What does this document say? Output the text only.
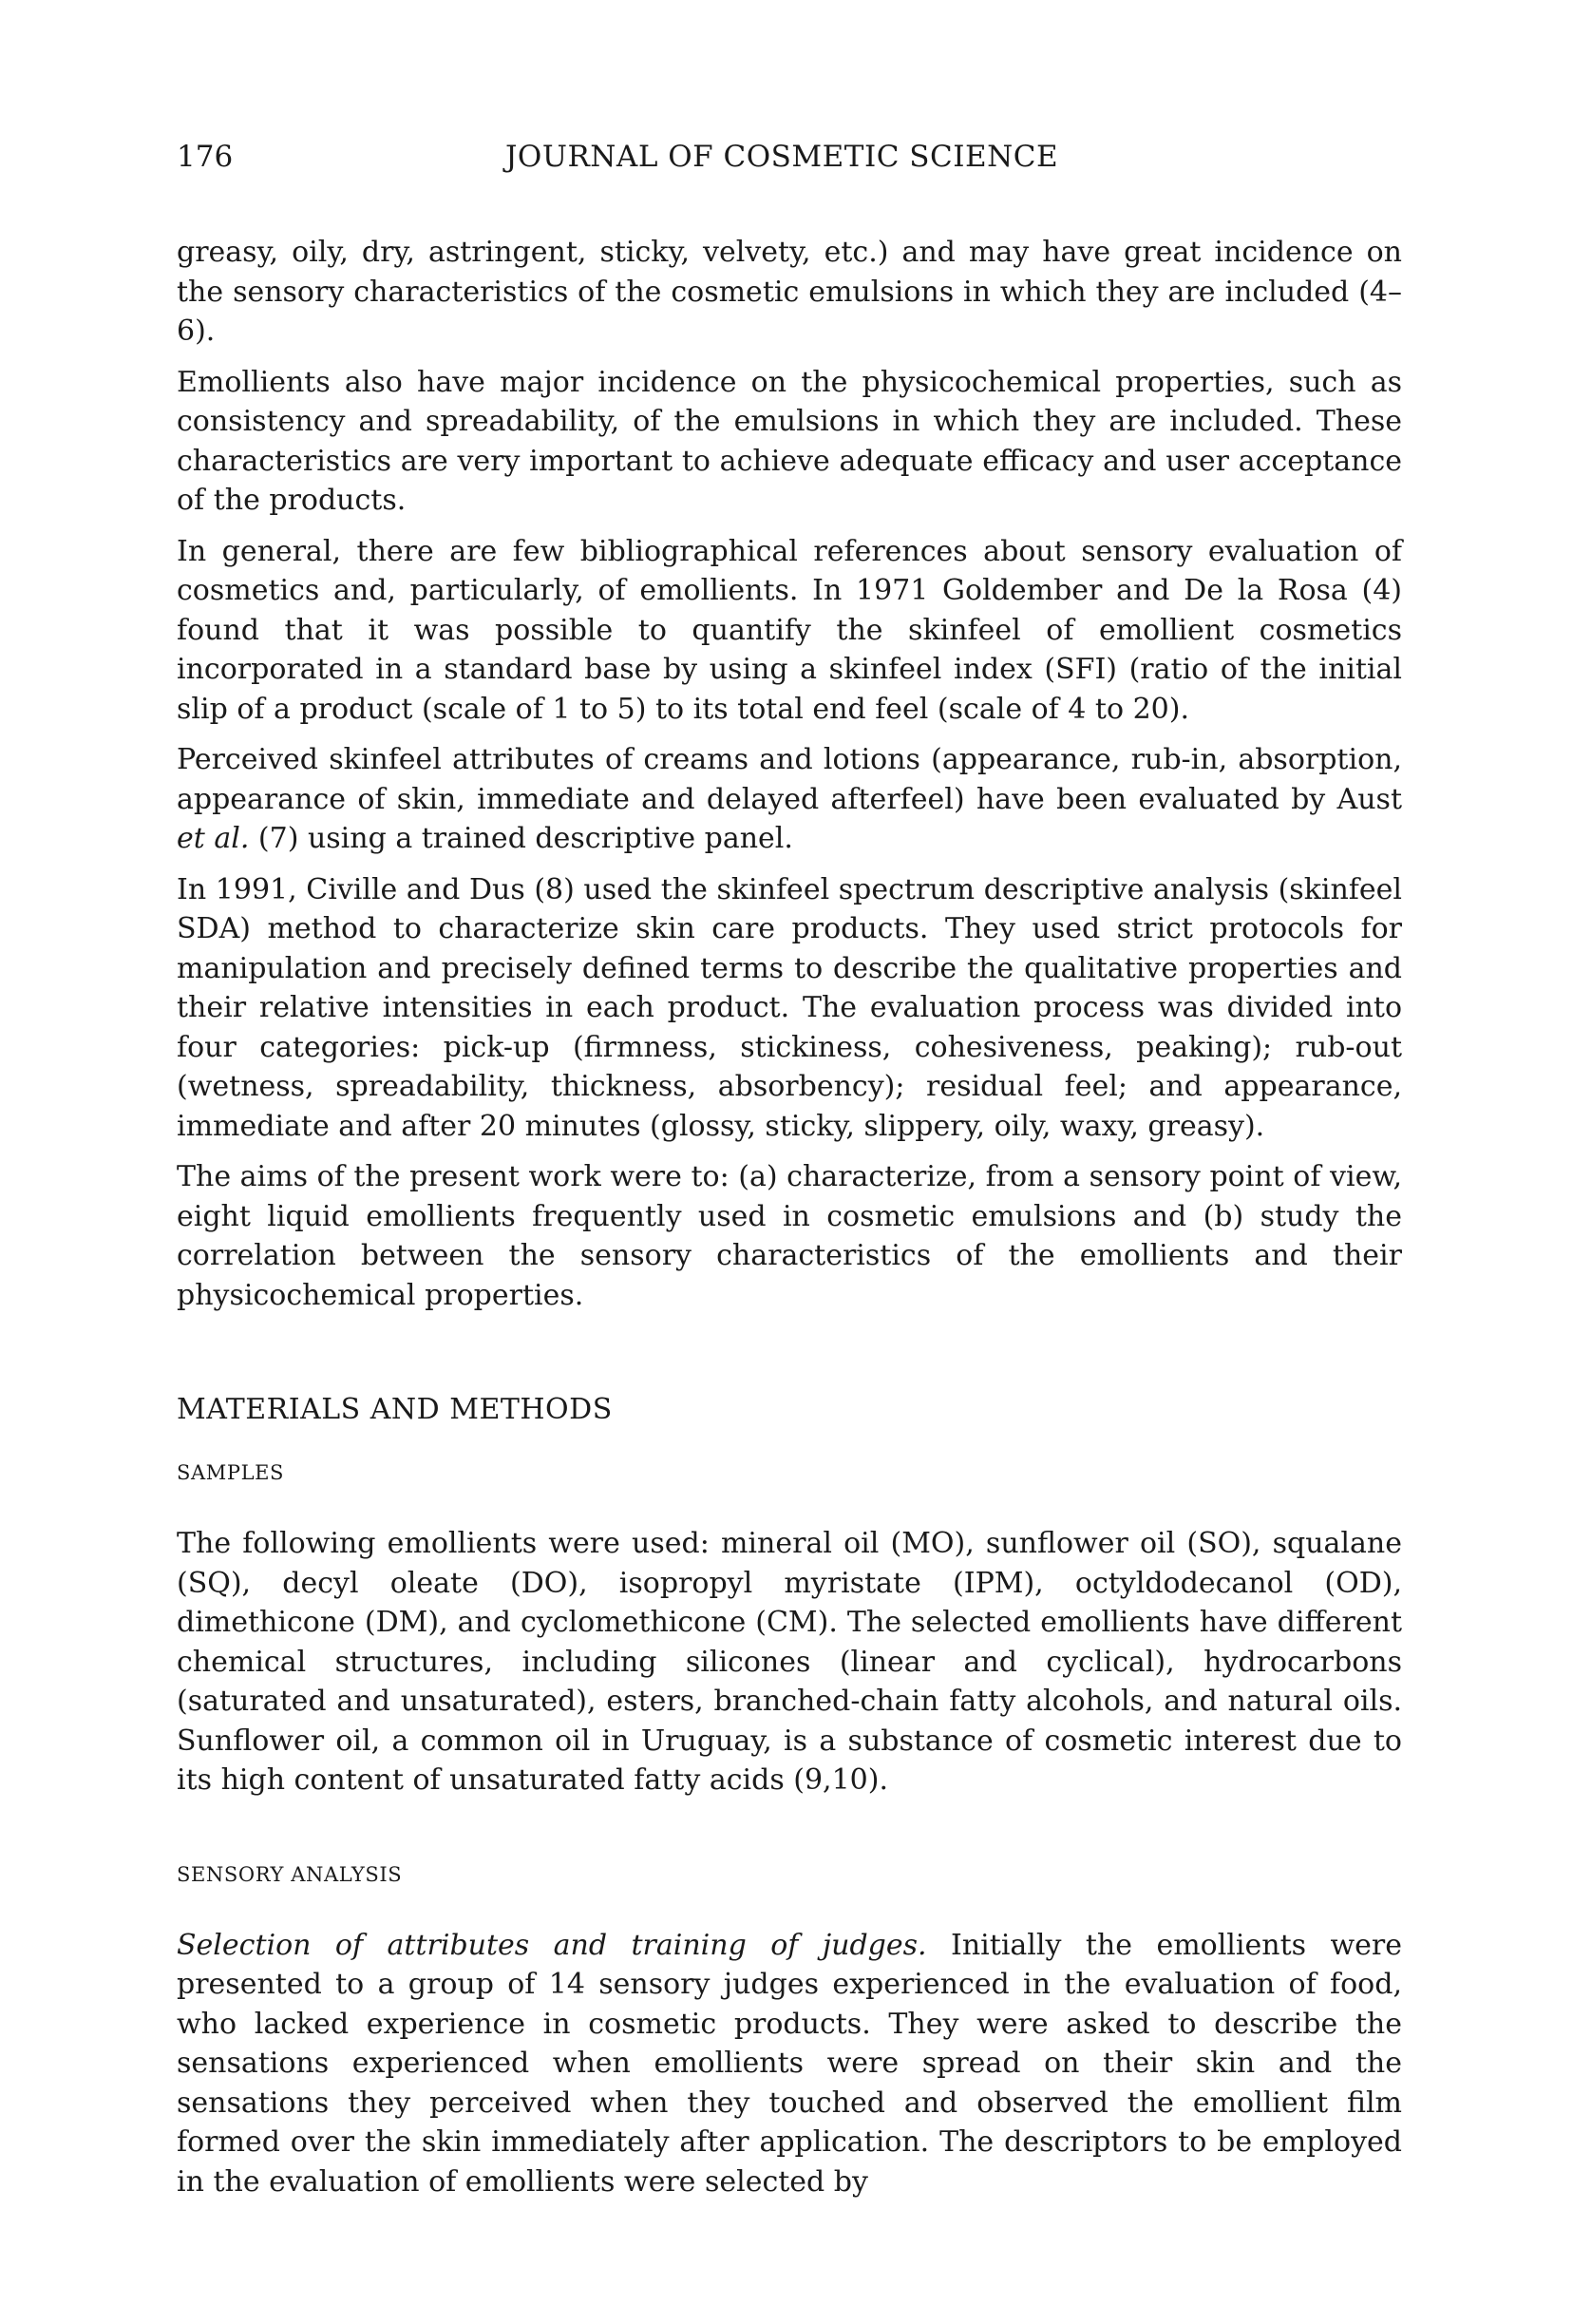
176	JOURNAL OF COSMETIC SCIENCE

greasy, oily, dry, astringent, sticky, velvety, etc.) and may have great incidence on the sensory characteristics of the cosmetic emulsions in which they are included (4–6).

Emollients also have major incidence on the physicochemical properties, such as consistency and spreadability, of the emulsions in which they are included. These characteristics are very important to achieve adequate efficacy and user acceptance of the products.

In general, there are few bibliographical references about sensory evaluation of cosmetics and, particularly, of emollients. In 1971 Goldember and De la Rosa (4) found that it was possible to quantify the skinfeel of emollient cosmetics incorporated in a standard base by using a skinfeel index (SFI) (ratio of the initial slip of a product (scale of 1 to 5) to its total end feel (scale of 4 to 20).

Perceived skinfeel attributes of creams and lotions (appearance, rub-in, absorption, appearance of skin, immediate and delayed afterfeel) have been evaluated by Aust et al. (7) using a trained descriptive panel.

In 1991, Civille and Dus (8) used the skinfeel spectrum descriptive analysis (skinfeel SDA) method to characterize skin care products. They used strict protocols for manipulation and precisely defined terms to describe the qualitative properties and their relative intensities in each product. The evaluation process was divided into four categories: pick-up (firmness, stickiness, cohesiveness, peaking); rub-out (wetness, spreadability, thickness, absorbency); residual feel; and appearance, immediate and after 20 minutes (glossy, sticky, slippery, oily, waxy, greasy).

The aims of the present work were to: (a) characterize, from a sensory point of view, eight liquid emollients frequently used in cosmetic emulsions and (b) study the correlation between the sensory characteristics of the emollients and their physicochemical properties.

MATERIALS AND METHODS
SAMPLES

The following emollients were used: mineral oil (MO), sunflower oil (SO), squalane (SQ), decyl oleate (DO), isopropyl myristate (IPM), octyldodecanol (OD), dimethicone (DM), and cyclomethicone (CM). The selected emollients have different chemical structures, including silicones (linear and cyclical), hydrocarbons (saturated and unsaturated), esters, branched-chain fatty alcohols, and natural oils. Sunflower oil, a common oil in Uruguay, is a substance of cosmetic interest due to its high content of unsaturated fatty acids (9,10).

SENSORY ANALYSIS

Selection of attributes and training of judges. Initially the emollients were presented to a group of 14 sensory judges experienced in the evaluation of food, who lacked experience in cosmetic products. They were asked to describe the sensations experienced when emollients were spread on their skin and the sensations they perceived when they touched and observed the emollient film formed over the skin immediately after application. The descriptors to be employed in the evaluation of emollients were selected by
